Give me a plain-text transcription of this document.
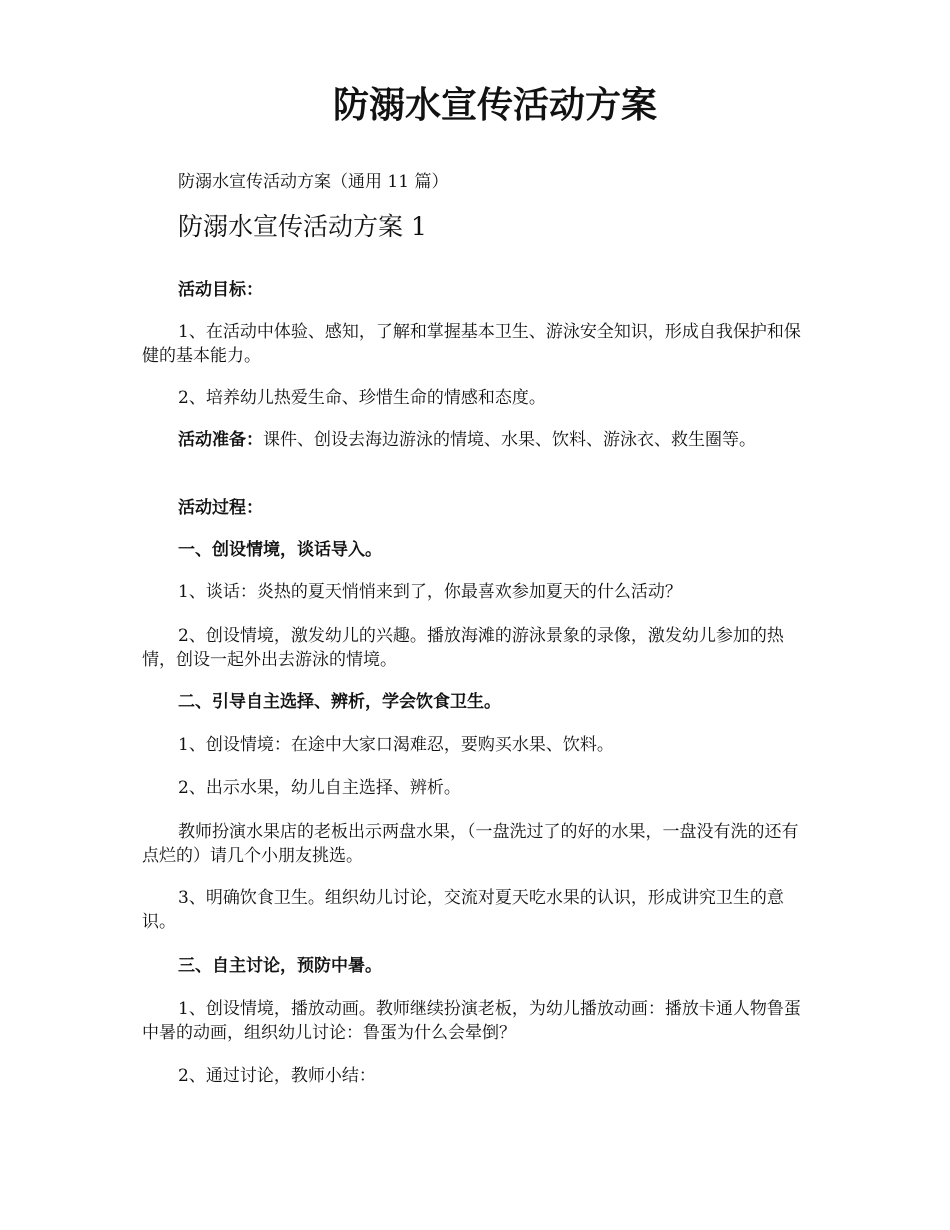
防溺水宣传活动方案

防溺水宣传活动方案（通用 11 篇）

防溺水宣传活动方案 1

活动目标：

1、在活动中体验、感知，了解和掌握基本卫生、游泳安全知识，形成自我保护和保健的基本能力。

2、培养幼儿热爱生命、珍惜生命的情感和态度。

活动准备：课件、创设去海边游泳的情境、水果、饮料、游泳衣、救生圈等。

活动过程：

一、创设情境，谈话导入。

1、谈话：炎热的夏天悄悄来到了，你最喜欢参加夏天的什么活动？

2、创设情境，激发幼儿的兴趣。播放海滩的游泳景象的录像，激发幼儿参加的热情，创设一起外出去游泳的情境。

二、引导自主选择、辨析，学会饮食卫生。

1、创设情境：在途中大家口渴难忍，要购买水果、饮料。

2、出示水果，幼儿自主选择、辨析。

教师扮演水果店的老板出示两盘水果，（一盘洗过了的好的水果，一盘没有洗的还有点烂的）请几个小朋友挑选。

3、明确饮食卫生。组织幼儿讨论，交流对夏天吃水果的认识，形成讲究卫生的意识。

三、自主讨论，预防中暑。

1、创设情境，播放动画。教师继续扮演老板，为幼儿播放动画：播放卡通人物鲁蛋中暑的动画，组织幼儿讨论：鲁蛋为什么会晕倒？

2、通过讨论，教师小结：
